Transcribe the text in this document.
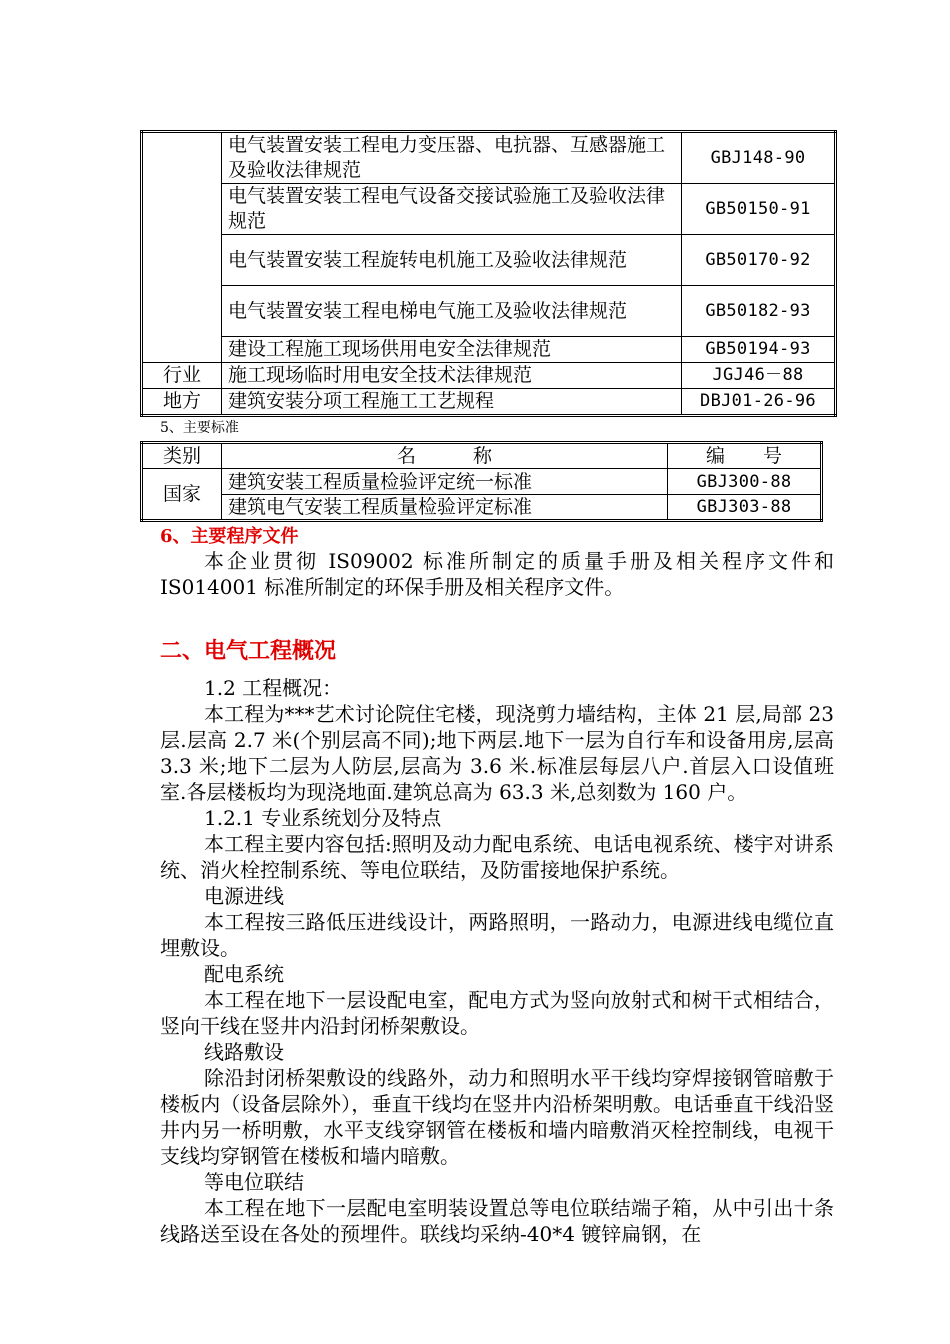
	电气装置安装工程电力变压器、电抗器、互感器施工及验收法律规范	GBJ148-90
	电气装置安装工程电气设备交接试验施工及验收法律规范	GB50150-91
	电气装置安装工程旋转电机施工及验收法律规范	GB50170-92
	电气装置安装工程电梯电气施工及验收法律规范	GB50182-93
	建设工程施工现场供用电安全法律规范	GB50194-93
行业	施工现场临时用电安全技术法律规范	JGJ46－88
地方	建筑安装分项工程施工工艺规程	DBJ01-26-96
5、主要标准
类别	名　　　称	编　　号
国家	建筑安装工程质量检验评定统一标准	GBJ300-88
	建筑电气安装工程质量检验评定标准	GBJ303-88
6、主要程序文件

本企业贯彻 IS09002 标准所制定的质量手册及相关程序文件和IS014001 标准所制定的环保手册及相关程序文件。

二、电气工程概况

1.2 工程概况：

本工程为***艺术讨论院住宅楼，现浇剪力墙结构，主体 21 层,局部 23 层.层高 2.7 米(个别层高不同);地下两层.地下一层为自行车和设备用房,层高 3.3 米;地下二层为人防层,层高为 3.6 米.标准层每层八户.首层入口设值班室.各层楼板均为现浇地面.建筑总高为 63.3 米,总刻数为 160 户。

1.2.1 专业系统划分及特点

本工程主要内容包括:照明及动力配电系统、电话电视系统、楼宇对讲系统、消火栓控制系统、等电位联结，及防雷接地保护系统。

电源进线

本工程按三路低压进线设计，两路照明，一路动力，电源进线电缆位直埋敷设。

配电系统

本工程在地下一层设配电室，配电方式为竖向放射式和树干式相结合，竖向干线在竖井内沿封闭桥架敷设。

线路敷设

除沿封闭桥架敷设的线路外，动力和照明水平干线均穿焊接钢管暗敷于楼板内（设备层除外），垂直干线均在竖井内沿桥架明敷。电话垂直干线沿竖井内另一桥明敷，水平支线穿钢管在楼板和墙内暗敷消灭栓控制线，电视干支线均穿钢管在楼板和墙内暗敷。

等电位联结

本工程在地下一层配电室明装设置总等电位联结端子箱，从中引出十条线路送至设在各处的预埋件。联线均采纳-40*4 镀锌扁钢，在
